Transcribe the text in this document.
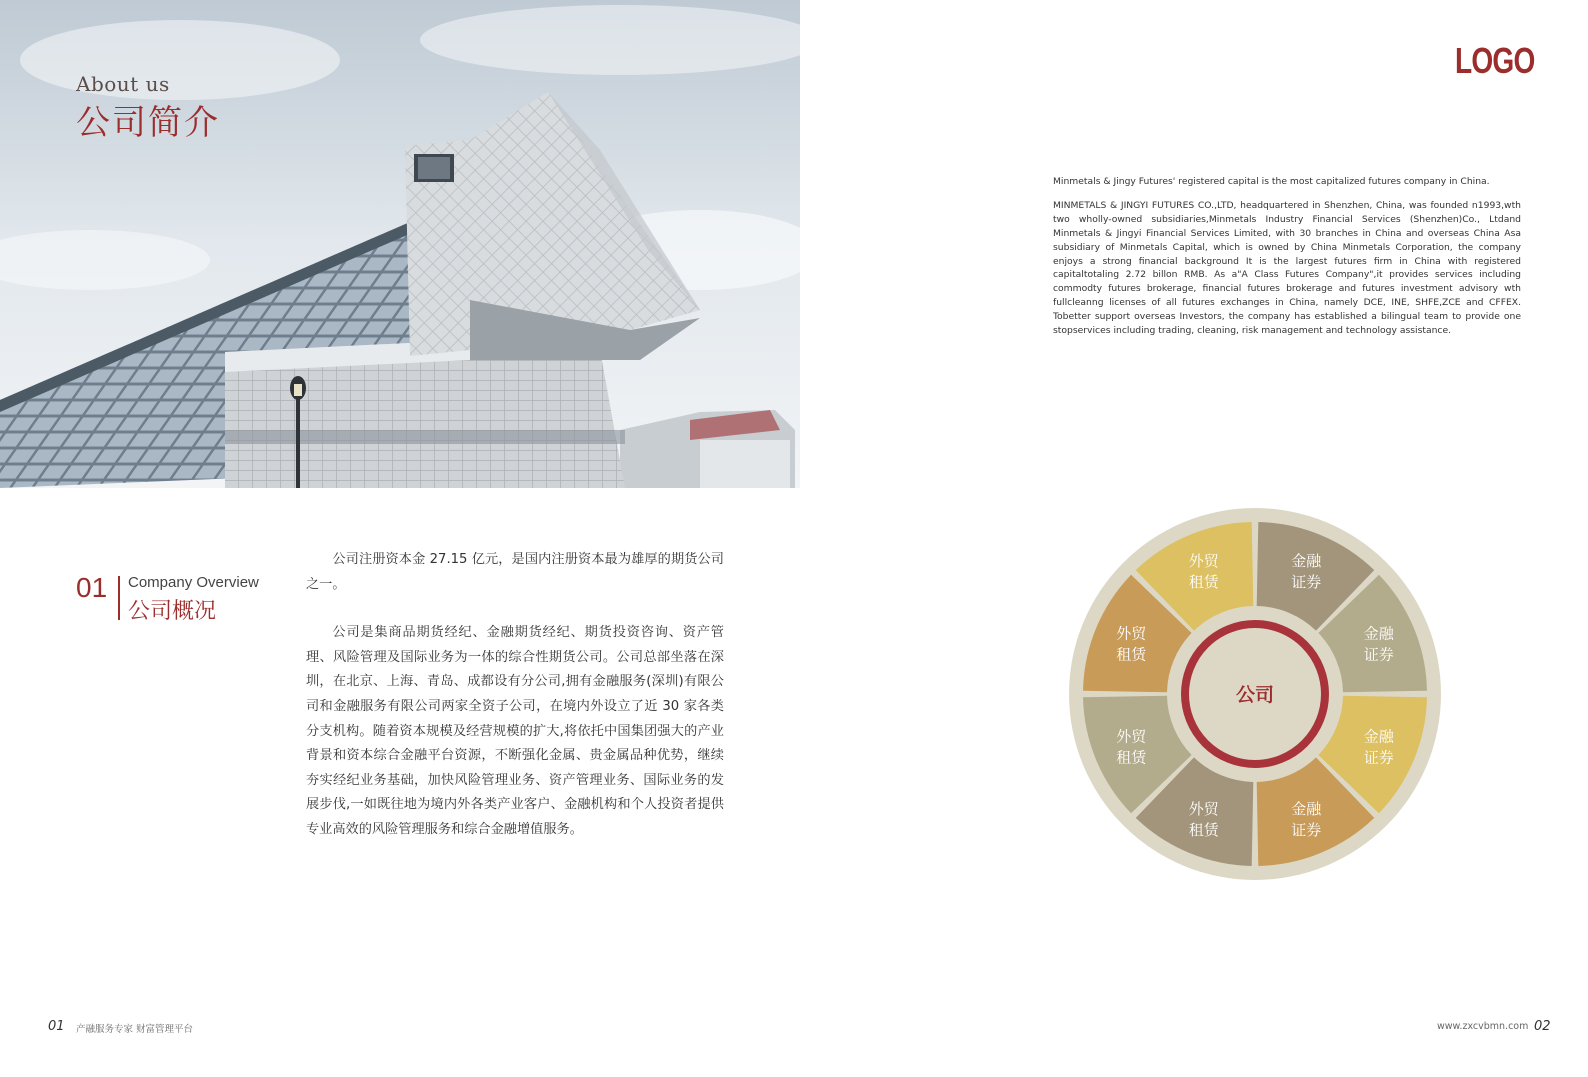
About us
公司简介
01 Company Overview
公司概况

公司注册资本金 27.15 亿元，是国内注册资本最为雄厚的期货公司之一。

公司是集商品期货经纪、金融期货经纪、期货投资咨询、资产管理、风险管理及国际业务为一体的综合性期货公司。公司总部坐落在深圳，在北京、上海、青岛、成都设有分公司,拥有金融服务(深圳)有限公司和金融服务有限公司两家全资子公司，在境内外设立了近 30 家各类分支机构。随着资本规模及经营规模的扩大,将依托中国集团强大的产业背景和资本综合金融平台资源，不断强化金属、贵金属品种优势，继续夯实经纪业务基础，加快风险管理业务、资产管理业务、国际业务的发展步伐,一如既往地为境内外各类产业客户、金融机构和个人投资者提供专业高效的风险管理服务和综合金融增值服务。

01 产融服务专家 财富管理平台
LOGO

Minmetals & Jingy Futures' registered capital is the most capitalized futures company in China.

MINMETALS & JINGYI FUTURES CO.,LTD, headquartered in Shenzhen, China, was founded n1993,wth two wholly-owned subsidiaries,Minmetals Industry Financial Services (Shenzhen)Co., Ltdand Minmetals & Jingyi Financial Services Limited, with 30 branches in China and overseas China Asa subsidiary of Minmetals Capital, which is owned by China Minmetals Corporation, the company enjoys a strong financial background It is the largest futures firm in China with registered capitaltotaling 2.72 billon RMB. As a"A Class Futures Company",it provides services including commodty futures brokerage, financial futures brokerage and futures investment advisory wth fullcleanng licenses of all futures exchanges in China, namely DCE, INE, SHFE,ZCE and CFFEX. Tobetter support overseas Investors, the company has established a bilingual team to provide one stopservices including trading, cleaning, risk management and technology assistance.

外贸
租赁
金融
证券
金融
证券
金融
证券
金融
证券
外贸
租赁
外贸
租赁
外贸
租赁
公司
www.zxcvbmn.com 02
